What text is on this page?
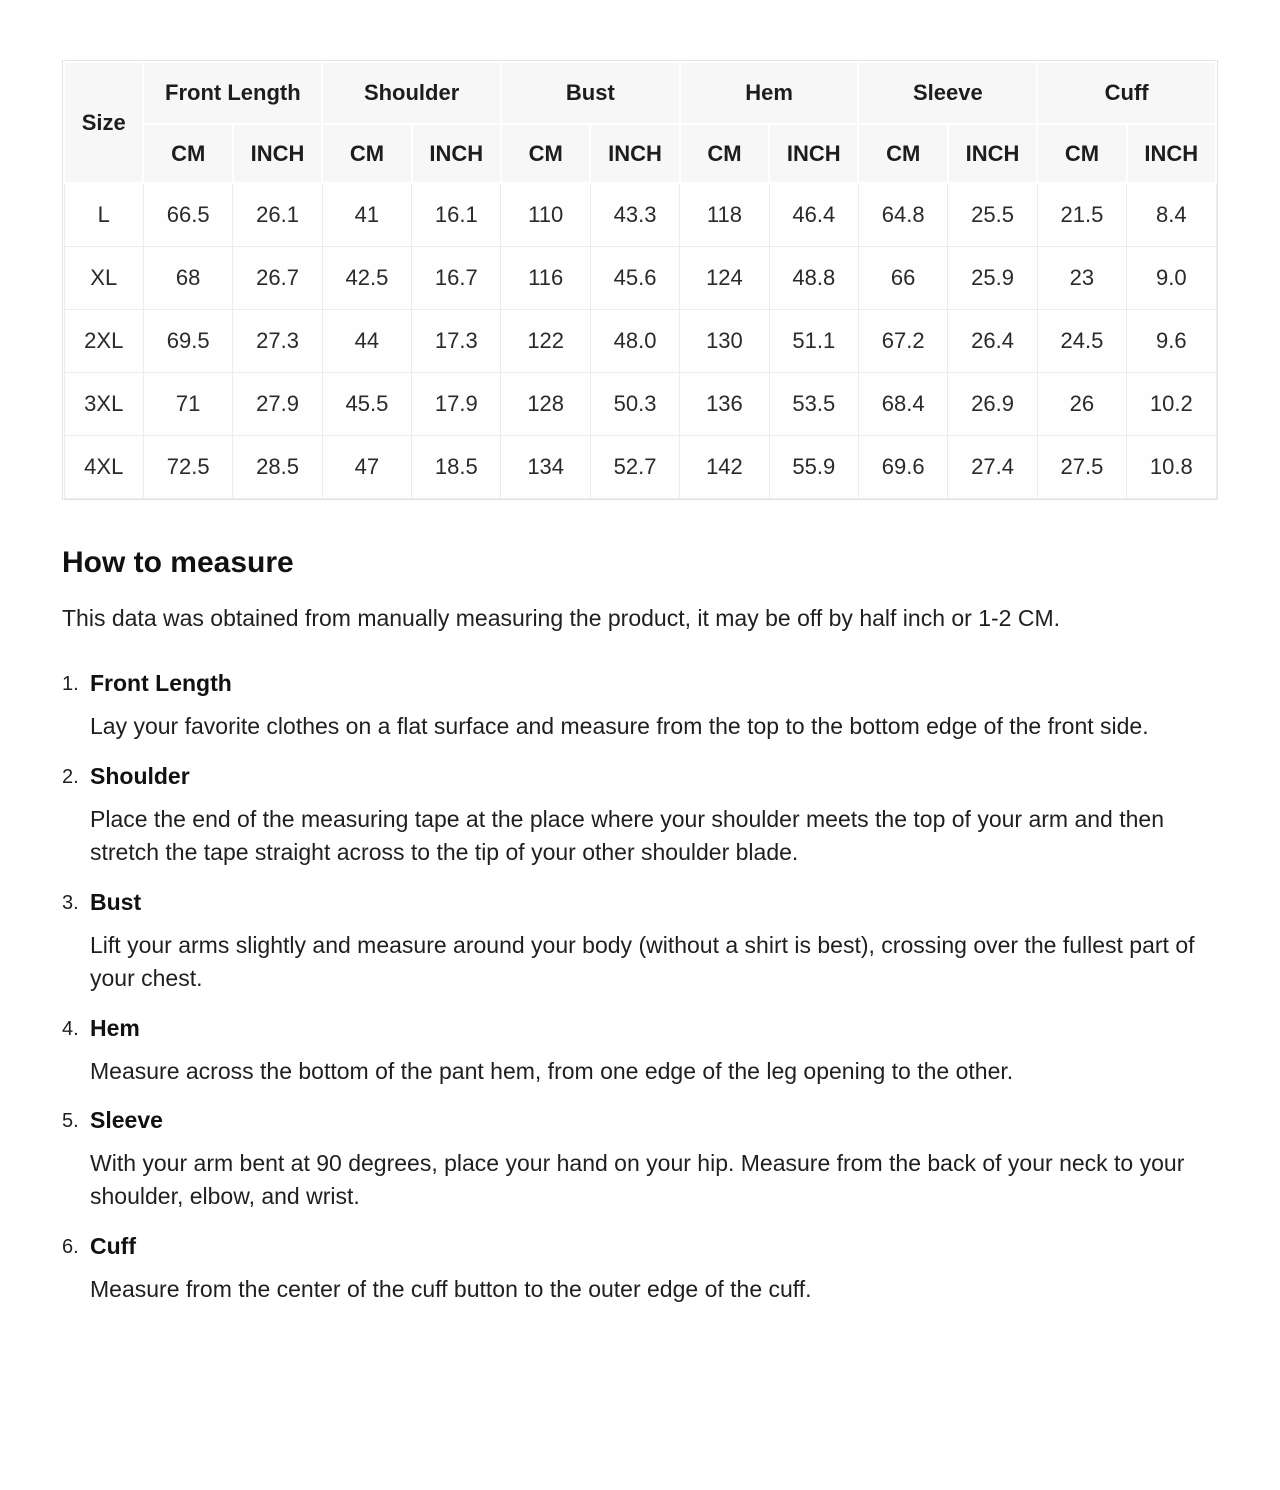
Size	Front Length		Shoulder		Bust		Hem		Sleeve		Cuff	
	CM	INCH	CM	INCH	CM	INCH	CM	INCH	CM	INCH	CM	INCH
L	66.5	26.1	41	16.1	110	43.3	118	46.4	64.8	25.5	21.5	8.4
XL	68	26.7	42.5	16.7	116	45.6	124	48.8	66	25.9	23	9.0
2XL	69.5	27.3	44	17.3	122	48.0	130	51.1	67.2	26.4	24.5	9.6
3XL	71	27.9	45.5	17.9	128	50.3	136	53.5	68.4	26.9	26	10.2
4XL	72.5	28.5	47	18.5	134	52.7	142	55.9	69.6	27.4	27.5	10.8
How to measure

This data was obtained from manually measuring the product, it may be off by half inch or 1-2 CM.

1. Front Length

Lay your favorite clothes on a flat surface and measure from the top to the bottom edge of the front side.

2. Shoulder

Place the end of the measuring tape at the place where your shoulder meets the top of your arm and then stretch the tape straight across to the tip of your other shoulder blade.

3. Bust

Lift your arms slightly and measure around your body (without a shirt is best), crossing over the fullest part of your chest.

4. Hem

Measure across the bottom of the pant hem, from one edge of the leg opening to the other.

5. Sleeve

With your arm bent at 90 degrees, place your hand on your hip. Measure from the back of your neck to your shoulder, elbow, and wrist.

6. Cuff

Measure from the center of the cuff button to the outer edge of the cuff.
